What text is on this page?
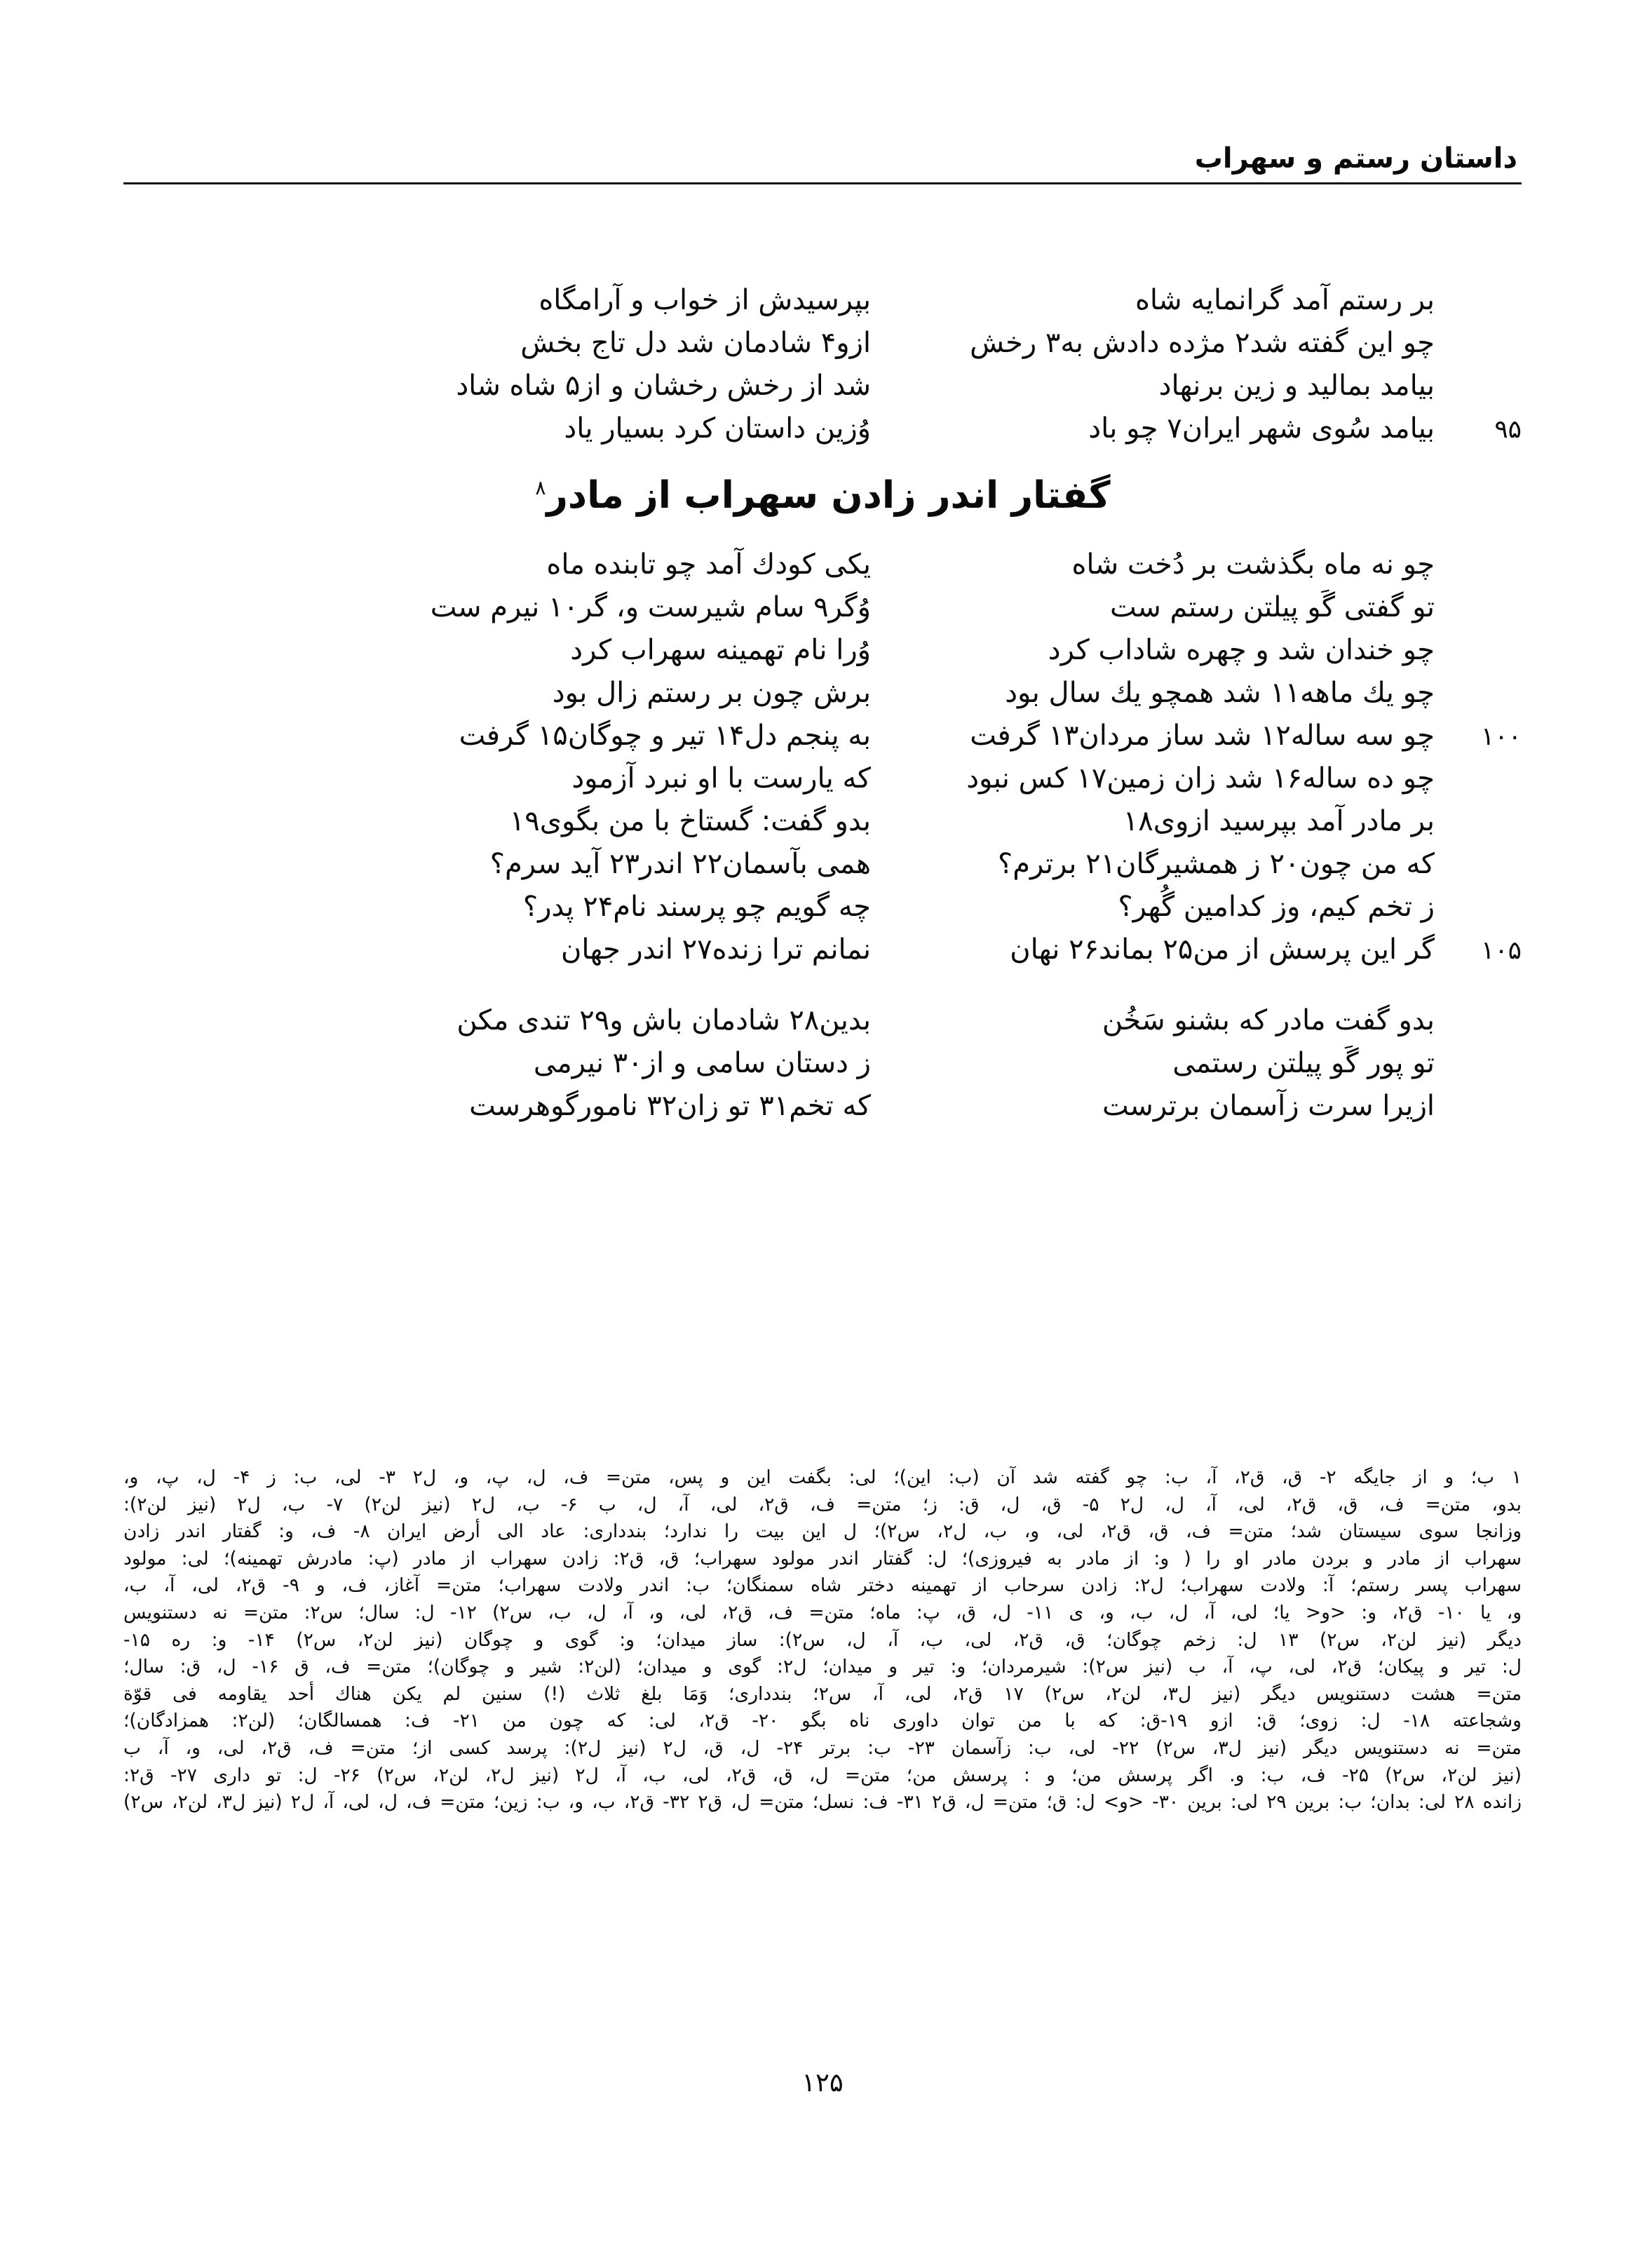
داستان رستم و سهراب
بر رستم آمد گرانمایه شاه
بپرسیدش از خواب و آرامگاه
چو این گفته شد۲ مژده دادش به۳ رخش
ازو۴ شادمان شد دل تاج بخش
بیامد بمالید و زین برنهاد
شد از رخش رخشان و از۵ شاه شاد
۹۵
بیامد سُوی شهر ایران۷ چو باد
وُزین داستان کرد بسیار یاد
گفتار اندر زادن سهراب از مادر$^۸$
چو نه ماه بگذشت بر دُخت شاه
یکی کودك آمد چو تابنده ماه
تو گفتی گَو پیلتن رستم ست
وُگر۹ سام شیرست و، گر۱۰ نیرم ست
چو خندان شد و چهره شاداب کرد
وُرا نام تهمینه سهراب کرد
چو یك ماهه۱۱ شد همچو یك سال بود
برش چون بر رستم زال بود
۱۰۰
چو سه ساله۱۲ شد ساز مردان۱۳ گرفت
به پنجم دل۱۴ تیر و چوگان۱۵ گرفت
چو ده ساله۱۶ شد زان زمین۱۷ کس نبود
که یارست با او نبرد آزمود
بر مادر آمد بپرسید ازوی۱۸
بدو گفت: گستاخ با من بگوی۱۹
که من چون۲۰ ز همشیرگان۲۱ برترم؟
همی بآسمان۲۲ اندر۲۳ آید سرم؟
ز تخم کیم، وز کدامین گُهر؟
چه گویم چو پرسند نام۲۴ پدر؟
۱۰۵
گر این پرسش از من۲۵ بماند۲۶ نهان
نمانم ترا زنده۲۷ اندر جهان
بدو گفت مادر که بشنو سَخُن
بدین۲۸ شادمان باش و۲۹ تندی مکن
تو پور گَو پیلتن رستمی
ز دستان سامی و از۳۰ نیرمی
ازیرا سرت زآسمان برترست
که تخم۳۱ تو زان۳۲ نامورگوهرست
۱ ب؛ و از جایگه ۲- ق، ق۲، آ، ب: چو گفته شد آن (ب: این)؛ لی: بگفت این و پس، متن= ف، ل، پ، و، ل۲ ۳- لی، ب: ز ۴- ل، پ، و،
بدو، متن= ف، ق، ق۲، لی، آ، ل، ل۲ ۵- ق، ل، ق: ز؛ متن= ف، ق۲، لی، آ، ل، ب ۶- ب، ل۲ (نیز لن۲) ۷- ب، ل۲ (نیز لن۲):
وزانجا سوی سیستان شد؛ متن= ف، ق، ق۲، لی، و، ب، ل۲، س۲)؛ ل این بیت را ندارد؛ بندداری: عاد الی أرض ایران ۸- ف، و: گفتار اندر زادن
سهراب از مادر و بردن مادر او را ( و: از مادر به فیروزی)؛ ل: گفتار اندر مولود سهراب؛ ق، ق۲: زادن سهراب از مادر (پ: مادرش تهمینه)؛ لی: مولود
سهراب پسر رستم؛ آ: ولادت سهراب؛ ل۲: زادن سرحاب از تهمینه دختر شاه سمنگان؛ ب: اندر ولادت سهراب؛ متن= آغاز، ف، و ۹- ق۲، لی، آ، ب،
و، یا ۱۰- ق۲، و: <و< یا؛ لی، آ، ل، ب، و، ی ۱۱- ل، ق، پ: ماه؛ متن= ف، ق۲، لی، و، آ، ل، ب، س۲) ۱۲- ل: سال؛ س۲: متن= نه دستنویس
دیگر (نیز لن۲، س۲) ۱۳ ل: زخم چوگان؛ ق، ق۲، لی، ب، آ، ل، س۲): ساز میدان؛ و: گوی و چوگان (نیز لن۲، س۲) ۱۴- و: ره ۱۵-
ل: تیر و پیکان؛ ق۲، لی، پ، آ، ب (نیز س۲): شیرمردان؛ و: تیر و میدان؛ ل۲: گوی و میدان؛ (لن۲: شیر و چوگان)؛ متن= ف، ق ۱۶- ل، ق: سال؛
متن= هشت دستنویس دیگر (نیز ل۳، لن۲، س۲) ۱۷ ق۲، لی، آ، س۲؛ بندداری؛ وَمَا بلغ ثلاث (!) سنین لم یکن هناك أحد یقاومه فی قوّة
وشجاعته ۱۸- ل: زوی؛ ق: ازو ۱۹-ق: که با من توان داوری ناه بگو ۲۰- ق۲، لی: که چون من ۲۱- ف: همسالگان؛ (لن۲: همزادگان)؛
متن= نه دستنویس دیگر (نیز ل۳، س۲) ۲۲- لی، ب: زآسمان ۲۳- ب: برتر ۲۴- ل، ق، ل۲ (نیز ل۲): پرسد کسی از؛ متن= ف، ق۲، لی، و، آ، ب
(نیز لن۲، س۲) ۲۵- ف، ب: و. اگر پرسش من؛ و : پرسش من؛ متن= ل، ق، ق۲، لی، ب، آ، ل۲ (نیز ل۲، لن۲، س۲) ۲۶- ل: تو داری ۲۷- ق۲:
زانده ۲۸ لی: بدان؛ ب: برین ۲۹ لی: برین ۳۰- <و> ل: ق؛ متن= ل، ق۲ ۳۱- ف: نسل؛ متن= ل، ق۲ ۳۲- ق۲، ب، و، ب: زین؛ متن= ف، ل، لی، آ، ل۲ (نیز ل۳، لن۲، س۲)
۱۲۵
